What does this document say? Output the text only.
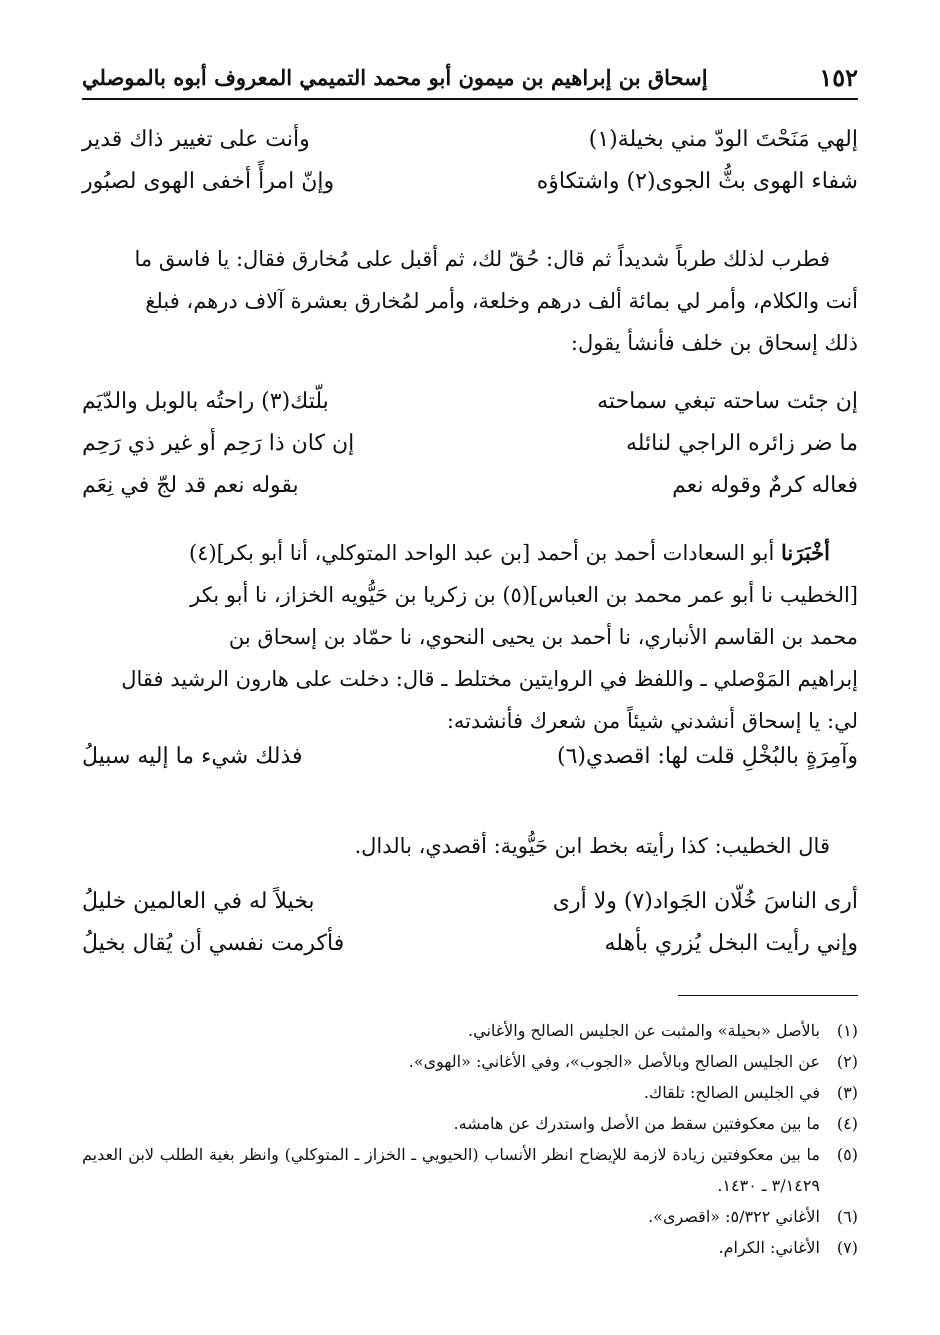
١٥٢
إسحاق بن إبراهيم بن ميمون أبو محمد التميمي المعروف أبوه بالموصلي
إلهي مَنَحْتَ الودّ مني بخيلة(١)
وأنت على تغيير ذاك قدير
شفاء الهوى بثُّ الجوى(٢) واشتكاؤه
وإنّ امرأً أخفى الهوى لصبُور
فطرب لذلك طرباً شديداً ثم قال: حُقّ لك، ثم أقبل على مُخارق فقال: يا فاسق ما
أنت والكلام، وأمر لي بمائة ألف درهم وخلعة، وأمر لمُخارق بعشرة آلاف درهم، فبلغ
ذلك إسحاق بن خلف فأنشأ يقول:
إن جئت ساحته تبغي سماحته
بلّتك(٣) راحتُه بالوبل والدّيَم
ما ضر زائره الراجي لنائله
إن كان ذا رَحِم أو غير ذي رَحِم
فعاله كرمٌ وقوله نعم
بقوله نعم قد لجّ في نِعَم
أخْبَرَنا أبو السعادات أحمد بن أحمد [بن عبد الواحد المتوكلي، أنا أبو بكر](٤)
[الخطيب نا أبو عمر محمد بن العباس](٥) بن زكريا بن حَيُّويه الخزاز، نا أبو بكر
محمد بن القاسم الأنباري، نا أحمد بن يحيى النحوي، نا حمّاد بن إسحاق بن
إبراهيم المَوْصلي ـ واللفظ في الروايتين مختلط ـ قال: دخلت على هارون الرشيد فقال
لي: يا إسحاق أنشدني شيئاً من شعرك فأنشدته:
وآمِرَةٍ بالبُخْلِ قلت لها: اقصدي(٦)
فذلك شيء ما إليه سبيلُ
قال الخطيب: كذا رأيته بخط ابن حَيُّوية: أقصدي، بالدال.
أرى الناسَ خُلّان الجَواد(٧) ولا أرى
بخيلاً له في العالمين خليلُ
وإني رأيت البخل يُزري بأهله
فأكرمت نفسي أن يُقال بخيلُ
(١)
بالأصل «بحيلة» والمثبت عن الجليس الصالح والأغاني.
(٢)
عن الجليس الصالح وبالأصل «الجوب»، وفي الأغاني: «الهوى».
(٣)
في الجليس الصالح: تلقاك.
(٤)
ما بين معكوفتين سقط من الأصل واستدرك عن هامشه.
(٥)
ما بين معكوفتين زيادة لازمة للإيضاح انظر الأنساب (الحيويي ـ الخزاز ـ المتوكلي) وانظر بغية الطلب لابن العديم ٣/١٤٢٩ ـ ١٤٣٠.
(٦)
الأغاني ٥/٣٢٢: «اقصرى».
(٧)
الأغاني: الكرام.
